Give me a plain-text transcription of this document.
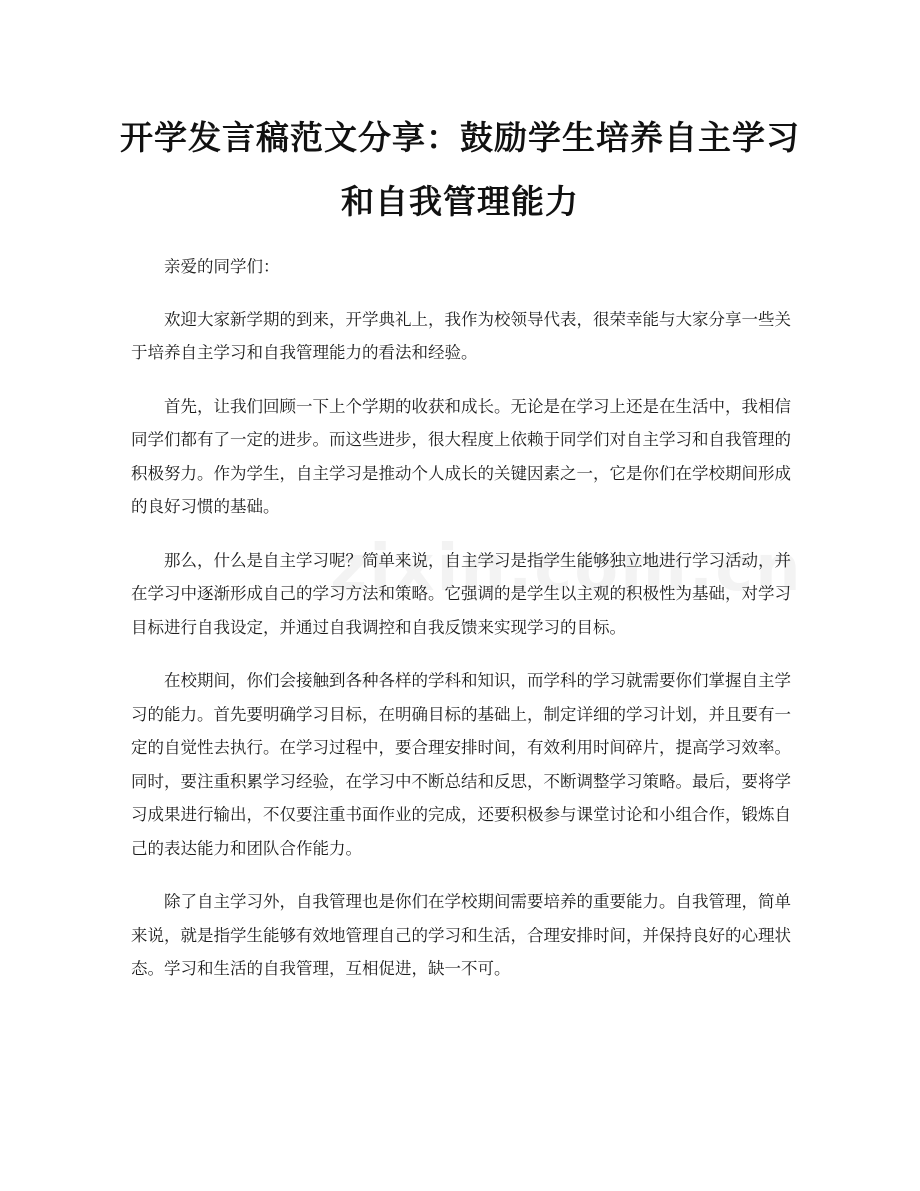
开学发言稿范文分享：鼓励学生培养自主学习和自我管理能力

亲爱的同学们：

欢迎大家新学期的到来，开学典礼上，我作为校领导代表，很荣幸能与大家分享一些关于培养自主学习和自我管理能力的看法和经验。

首先，让我们回顾一下上个学期的收获和成长。无论是在学习上还是在生活中，我相信同学们都有了一定的进步。而这些进步，很大程度上依赖于同学们对自主学习和自我管理的积极努力。作为学生，自主学习是推动个人成长的关键因素之一，它是你们在学校期间形成的良好习惯的基础。

那么，什么是自主学习呢？简单来说，自主学习是指学生能够独立地进行学习活动，并在学习中逐渐形成自己的学习方法和策略。它强调的是学生以主观的积极性为基础，对学习目标进行自我设定，并通过自我调控和自我反馈来实现学习的目标。

在校期间，你们会接触到各种各样的学科和知识，而学科的学习就需要你们掌握自主学习的能力。首先要明确学习目标，在明确目标的基础上，制定详细的学习计划，并且要有一定的自觉性去执行。在学习过程中，要合理安排时间，有效利用时间碎片，提高学习效率。同时，要注重积累学习经验，在学习中不断总结和反思，不断调整学习策略。最后，要将学习成果进行输出，不仅要注重书面作业的完成，还要积极参与课堂讨论和小组合作，锻炼自己的表达能力和团队合作能力。

除了自主学习外，自我管理也是你们在学校期间需要培养的重要能力。自我管理，简单来说，就是指学生能够有效地管理自己的学习和生活，合理安排时间，并保持良好的心理状态。学习和生活的自我管理，互相促进，缺一不可。
